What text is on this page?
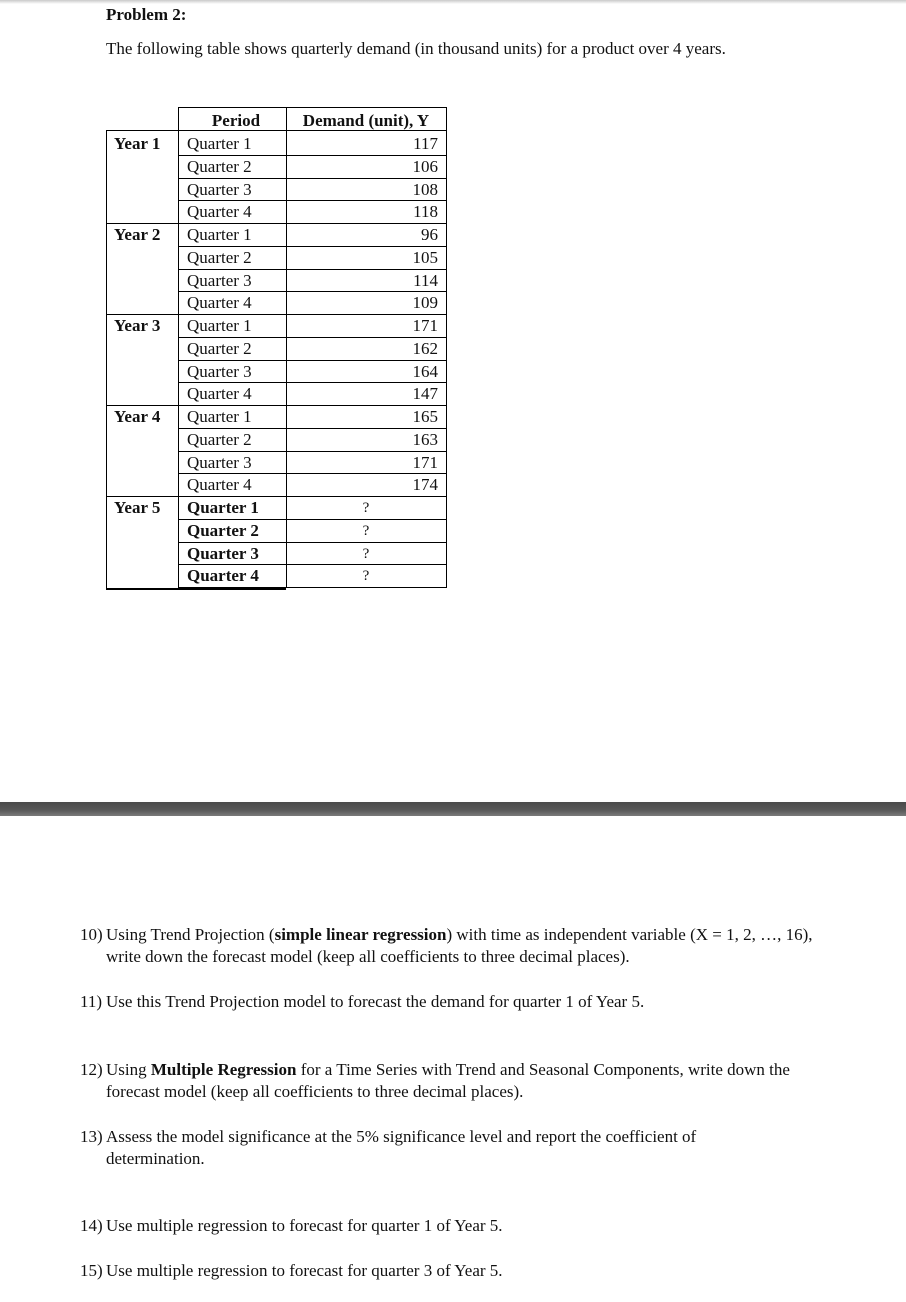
Problem 2:
The following table shows quarterly demand (in thousand units) for a product over 4 years.
Period	Demand (unit), Y
Year 1 Quarter 1	117
Quarter 2	106
Quarter 3	108
Quarter 4	118
Year 2 Quarter 1	96
Quarter 2	105
Quarter 3	114
Quarter 4	109
Year 3 Quarter 1	171
Quarter 2	162
Quarter 3	164
Quarter 4	147
Year 4 Quarter 1	165
Quarter 2	163
Quarter 3	171
Quarter 4	174
Year 5 Quarter 1	?
Quarter 2	?
Quarter 3	?
Quarter 4	?
10) Using Trend Projection (simple linear regression) with time as independent variable (X = 1, 2, …, 16), write down the forecast model (keep all coefficients to three decimal places).
11) Use this Trend Projection model to forecast the demand for quarter 1 of Year 5.
12) Using Multiple Regression for a Time Series with Trend and Seasonal Components, write down the forecast model (keep all coefficients to three decimal places).
13) Assess the model significance at the 5% significance level and report the coefficient of determination.
14) Use multiple regression to forecast for quarter 1 of Year 5.
15) Use multiple regression to forecast for quarter 3 of Year 5.
